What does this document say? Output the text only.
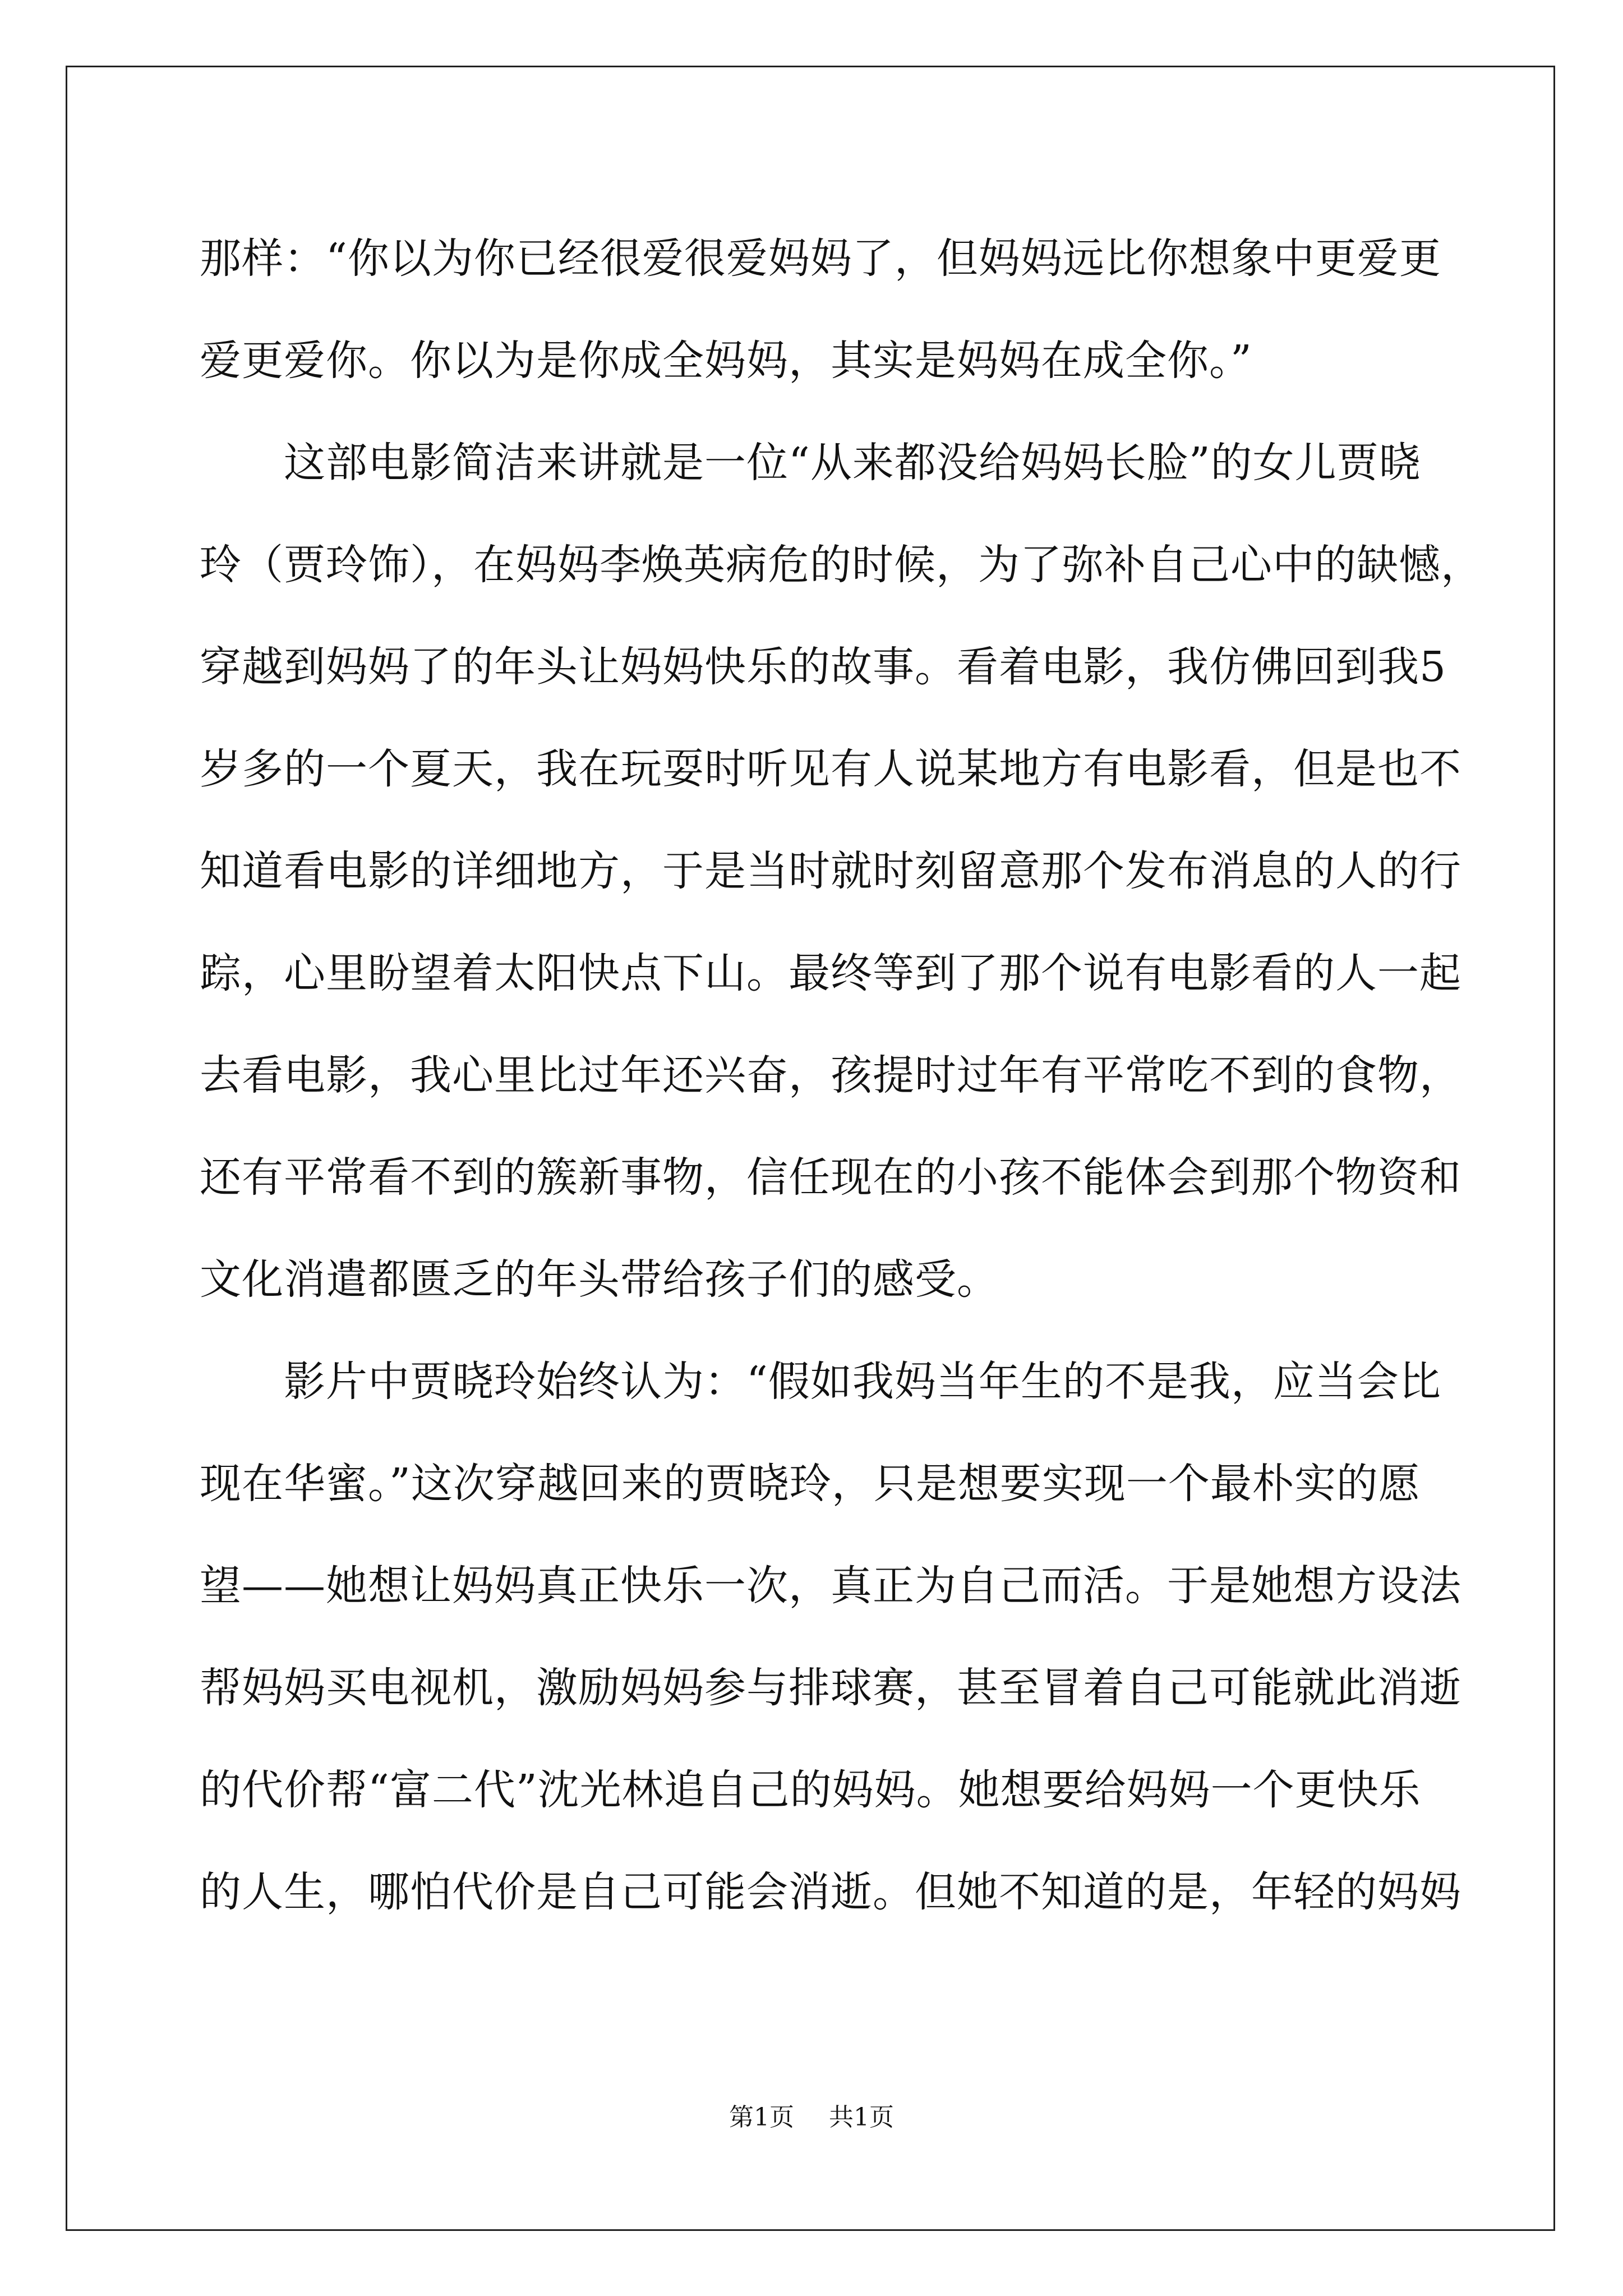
那样：“你以为你已经很爱很爱妈妈了，但妈妈远比你想象中更爱更
爱更爱你。你以为是你成全妈妈，其实是妈妈在成全你。”
　　这部电影简洁来讲就是一位“从来都没给妈妈长脸”的女儿贾晓
玲（贾玲饰），在妈妈李焕英病危的时候，为了弥补自己心中的缺憾，
穿越到妈妈了的年头让妈妈快乐的故事。看着电影，我仿佛回到我5
岁多的一个夏天，我在玩耍时听见有人说某地方有电影看，但是也不
知道看电影的详细地方，于是当时就时刻留意那个发布消息的人的行
踪，心里盼望着太阳快点下山。最终等到了那个说有电影看的人一起
去看电影，我心里比过年还兴奋，孩提时过年有平常吃不到的食物，
还有平常看不到的簇新事物，信任现在的小孩不能体会到那个物资和
文化消遣都匮乏的年头带给孩子们的感受。
　　影片中贾晓玲始终认为：“假如我妈当年生的不是我，应当会比
现在华蜜。”这次穿越回来的贾晓玲，只是想要实现一个最朴实的愿
望——她想让妈妈真正快乐一次，真正为自己而活。于是她想方设法
帮妈妈买电视机，激励妈妈参与排球赛，甚至冒着自己可能就此消逝
的代价帮“富二代”沈光林追自己的妈妈。她想要给妈妈一个更快乐
的人生，哪怕代价是自己可能会消逝。但她不知道的是，年轻的妈妈
第1页 共1页
